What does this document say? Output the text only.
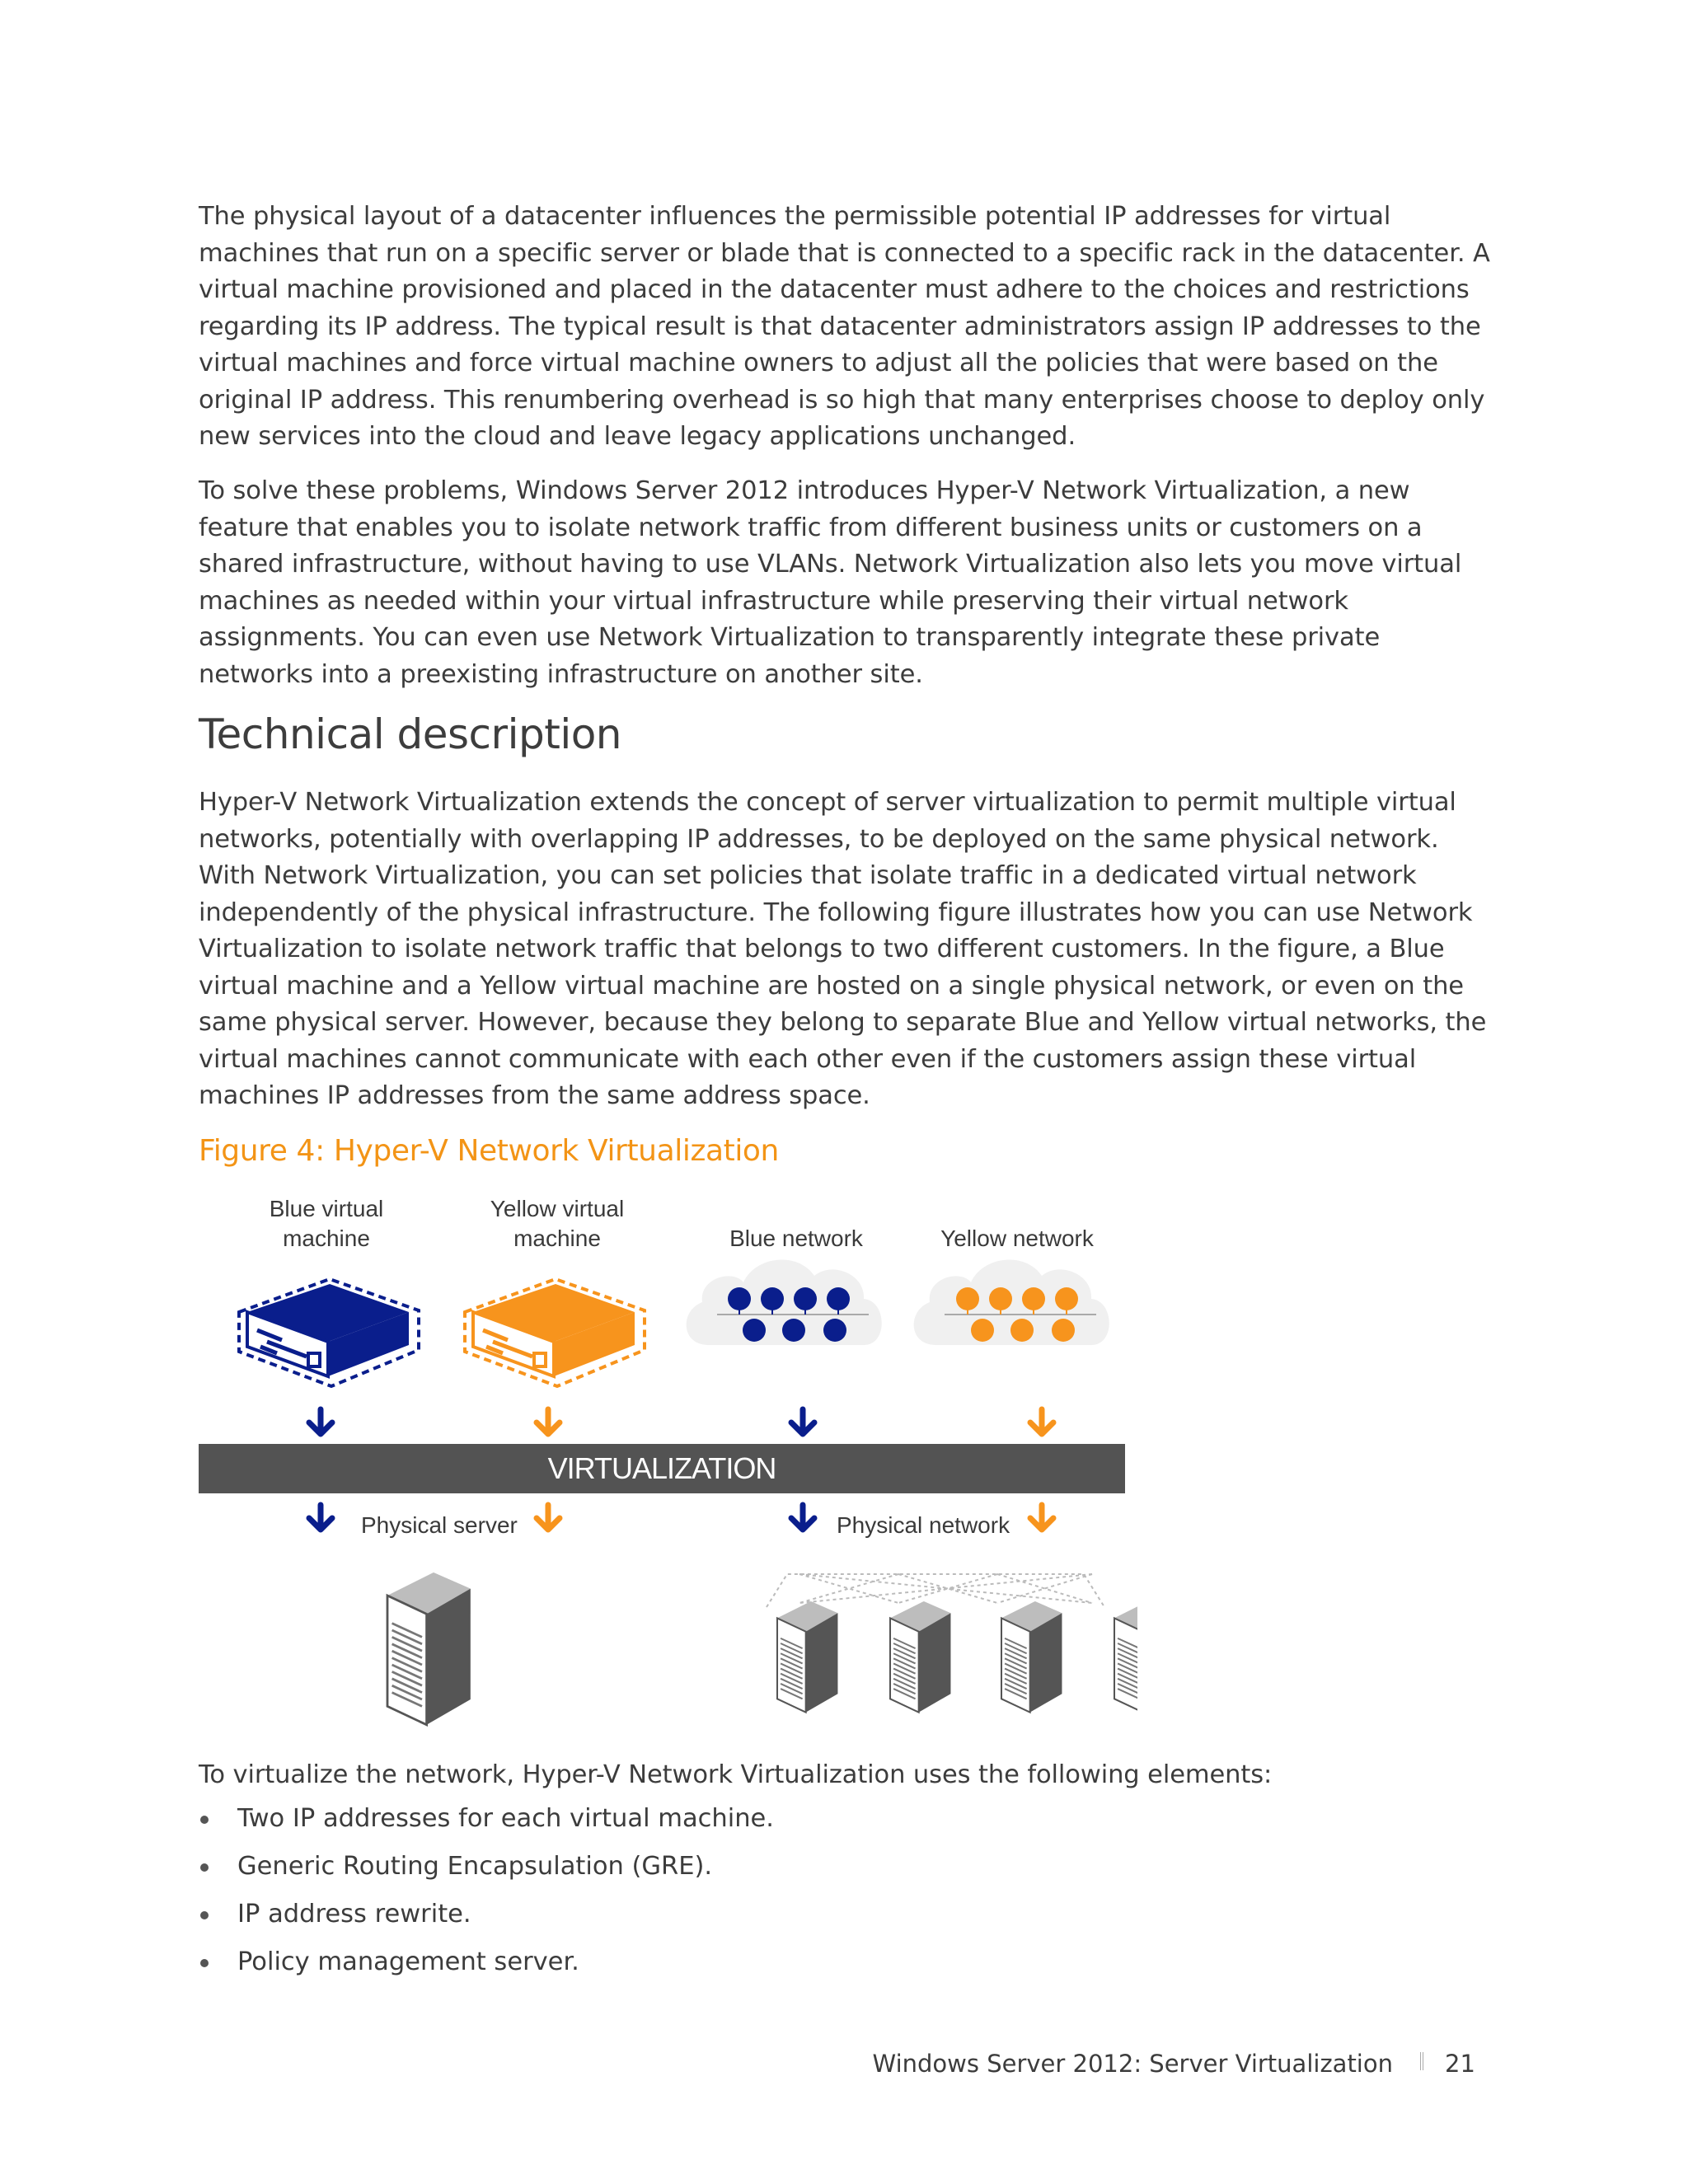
The physical layout of a datacenter influences the permissible potential IP addresses for virtual machines that run on a specific server or blade that is connected to a specific rack in the datacenter. A virtual machine provisioned and placed in the datacenter must adhere to the choices and restrictions regarding its IP address. The typical result is that datacenter administrators assign IP addresses to the virtual machines and force virtual machine owners to adjust all the policies that were based on the original IP address. This renumbering overhead is so high that many enterprises choose to deploy only new services into the cloud and leave legacy applications unchanged.

To solve these problems, Windows Server 2012 introduces Hyper-V Network Virtualization, a new feature that enables you to isolate network traffic from different business units or customers on a shared infrastructure, without having to use VLANs. Network Virtualization also lets you move virtual machines as needed within your virtual infrastructure while preserving their virtual network assignments. You can even use Network Virtualization to transparently integrate these private networks into a preexisting infrastructure on another site.

Technical description

Hyper-V Network Virtualization extends the concept of server virtualization to permit multiple virtual networks, potentially with overlapping IP addresses, to be deployed on the same physical network. With Network Virtualization, you can set policies that isolate traffic in a dedicated virtual network independently of the physical infrastructure. The following figure illustrates how you can use Network Virtualization to isolate network traffic that belongs to two different customers. In the figure, a Blue virtual machine and a Yellow virtual machine are hosted on a single physical network, or even on the same physical server. However, because they belong to separate Blue and Yellow virtual networks, the virtual machines cannot communicate with each other even if the customers assign these virtual machines IP addresses from the same address space.

Figure 4: Hyper-V Network Virtualization
Blue virtual
machine
Yellow virtual
machine	Blue network	Yellow network
VIRTUALIZATION
Physical server	Physical network

To virtualize the network, Hyper-V Network Virtualization uses the following elements:

Two IP addresses for each virtual machine.
Generic Routing Encapsulation (GRE).
IP address rewrite.
Policy management server.
Windows Server 2012: Server Virtualization 21
